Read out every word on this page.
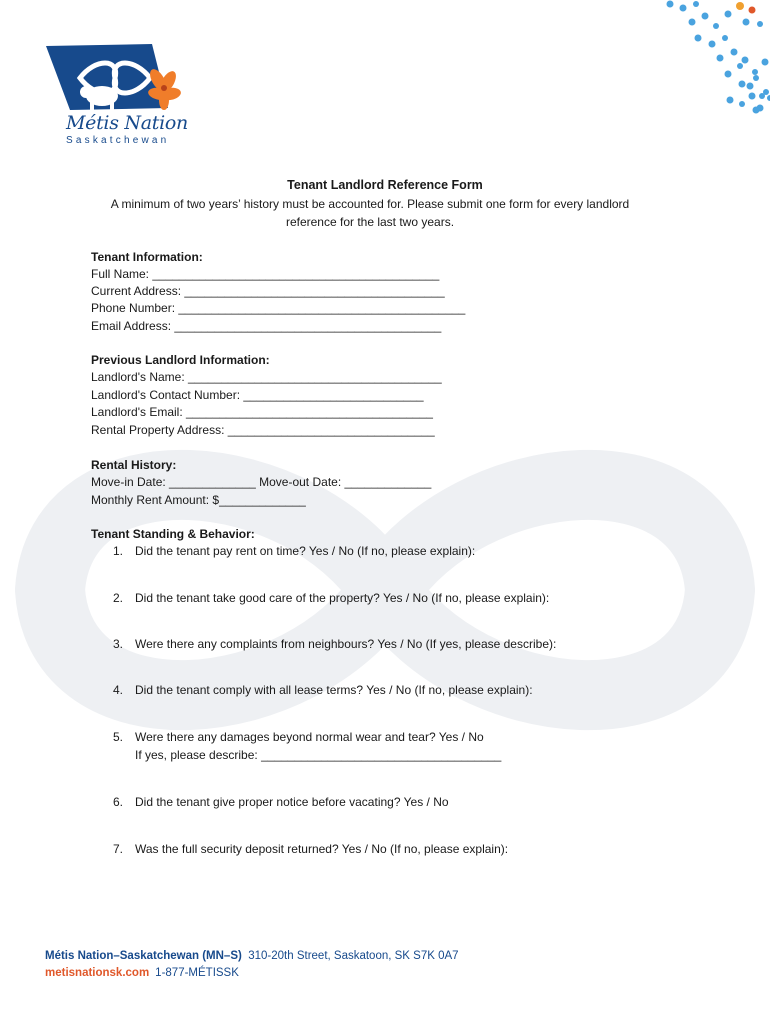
Métis Nation
Saskatchewan
Tenant Landlord Reference Form
A minimum of two years’ history must be accounted for. Please submit one form for every landlord reference for the last two years.
Tenant Information:
Full Name: ___________________________________________
Current Address: _______________________________________
Phone Number: ___________________________________________
Email Address: ________________________________________
Previous Landlord Information:
Landlord's Name: ______________________________________
Landlord's Contact Number: ___________________________
Landlord's Email: _____________________________________
Rental Property Address: _______________________________
Rental History:
Move-in Date: _____________ Move-out Date: _____________
Monthly Rent Amount: $_____________
Tenant Standing & Behavior:
1. Did the tenant pay rent on time? Yes / No (If no, please explain):
2. Did the tenant take good care of the property? Yes / No (If no, please explain):
3. Were there any complaints from neighbours? Yes / No (If yes, please describe):
4. Did the tenant comply with all lease terms? Yes / No (If no, please explain):
5. Were there any damages beyond normal wear and tear? Yes / No
If yes, please describe: ____________________________________
6. Did the tenant give proper notice before vacating? Yes / No
7. Was the full security deposit returned? Yes / No (If no, please explain):
Métis Nation–Saskatchewan (MN–S) 310-20th Street, Saskatoon, SK S7K 0A7
metisnationsk.com 1-877-MÉTISSK
